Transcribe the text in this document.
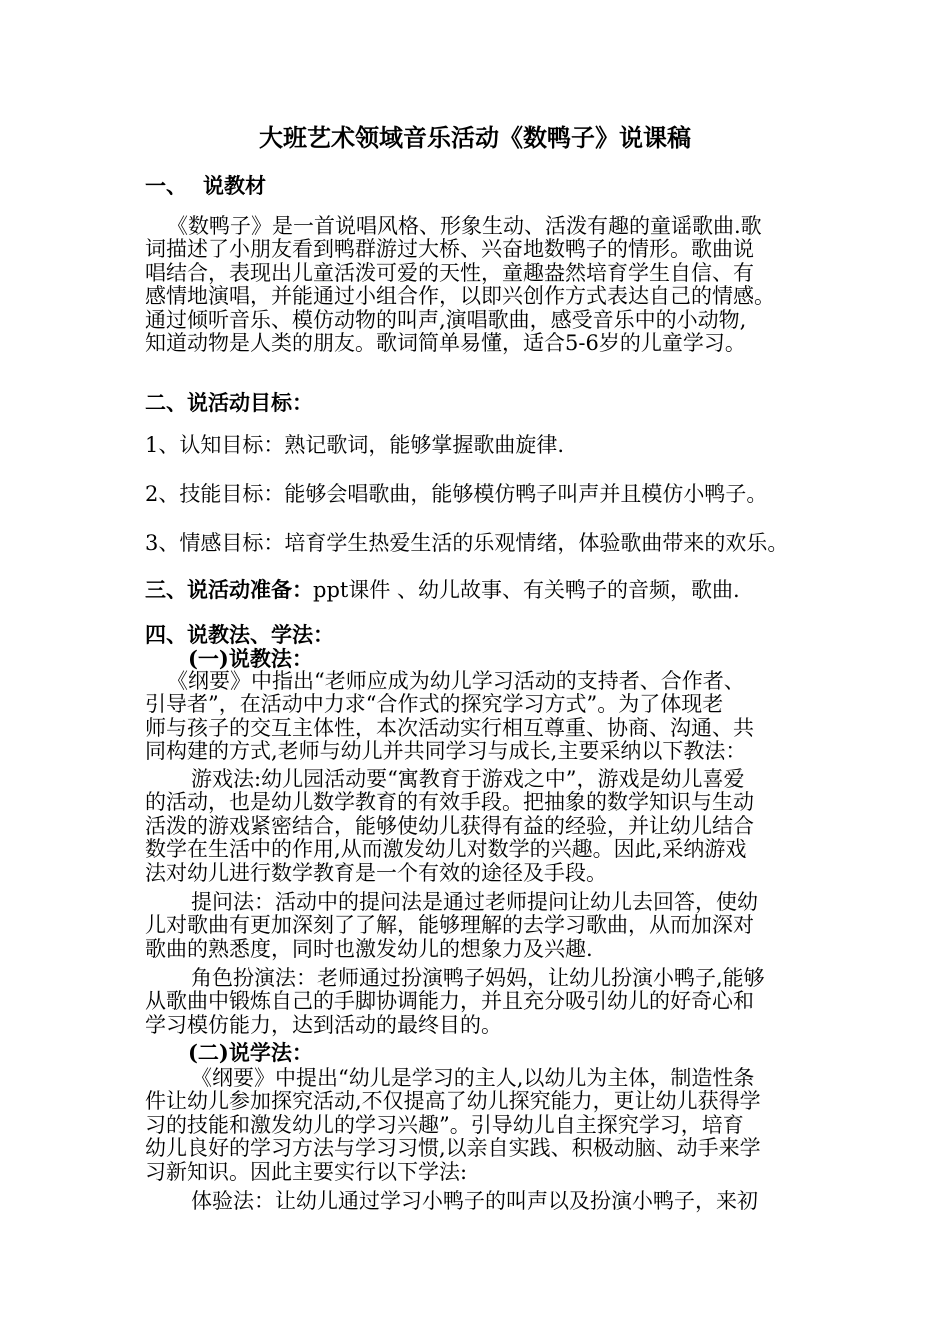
大班艺术领域音乐活动《数鸭子》说课稿
一、 说教材
《数鸭子》是一首说唱风格、形象生动、活泼有趣的童谣歌曲.歌
词描述了小朋友看到鸭群游过大桥、兴奋地数鸭子的情形。歌曲说
唱结合，表现出儿童活泼可爱的天性，童趣盎然培育学生自信、有
感情地演唱，并能通过小组合作，以即兴创作方式表达自己的情感。
通过倾听音乐、模仿动物的叫声,演唱歌曲，感受音乐中的小动物,
知道动物是人类的朋友。歌词简单易懂，适合5-6岁的儿童学习。
二、说活动目标：
1、认知目标：熟记歌词，能够掌握歌曲旋律.
2、技能目标：能够会唱歌曲，能够模仿鸭子叫声并且模仿小鸭子。
3、情感目标：培育学生热爱生活的乐观情绪，体验歌曲带来的欢乐。
三、说活动准备：ppt课件 、幼儿故事、有关鸭子的音频，歌曲.
四、说教法、学法：
(一)说教法：
《纲要》中指出“老师应成为幼儿学习活动的支持者、合作者、
引导者”，在活动中力求“合作式的探究学习方式”。为了体现老
师与孩子的交互主体性，本次活动实行相互尊重、协商、沟通、共
同构建的方式,老师与幼儿并共同学习与成长,主要采纳以下教法：
游戏法:幼儿园活动要“寓教育于游戏之中”，游戏是幼儿喜爱
的活动，也是幼儿数学教育的有效手段。把抽象的数学知识与生动
活泼的游戏紧密结合，能够使幼儿获得有益的经验，并让幼儿结合
数学在生活中的作用,从而激发幼儿对数学的兴趣。因此,采纳游戏
法对幼儿进行数学教育是一个有效的途径及手段。
提问法：活动中的提问法是通过老师提问让幼儿去回答，使幼
儿对歌曲有更加深刻了了解，能够理解的去学习歌曲，从而加深对
歌曲的熟悉度，同时也激发幼儿的想象力及兴趣.
角色扮演法：老师通过扮演鸭子妈妈，让幼儿扮演小鸭子,能够
从歌曲中锻炼自己的手脚协调能力，并且充分吸引幼儿的好奇心和
学习模仿能力，达到活动的最终目的。
(二)说学法：
《纲要》中提出“幼儿是学习的主人,以幼儿为主体，制造性条
件让幼儿参加探究活动,不仅提高了幼儿探究能力，更让幼儿获得学
习的技能和激发幼儿的学习兴趣”。引导幼儿自主探究学习，培育
幼儿良好的学习方法与学习习惯,以亲自实践、积极动脑、动手来学
习新知识。因此主要实行以下学法:
体验法：让幼儿通过学习小鸭子的叫声以及扮演小鸭子，来初
